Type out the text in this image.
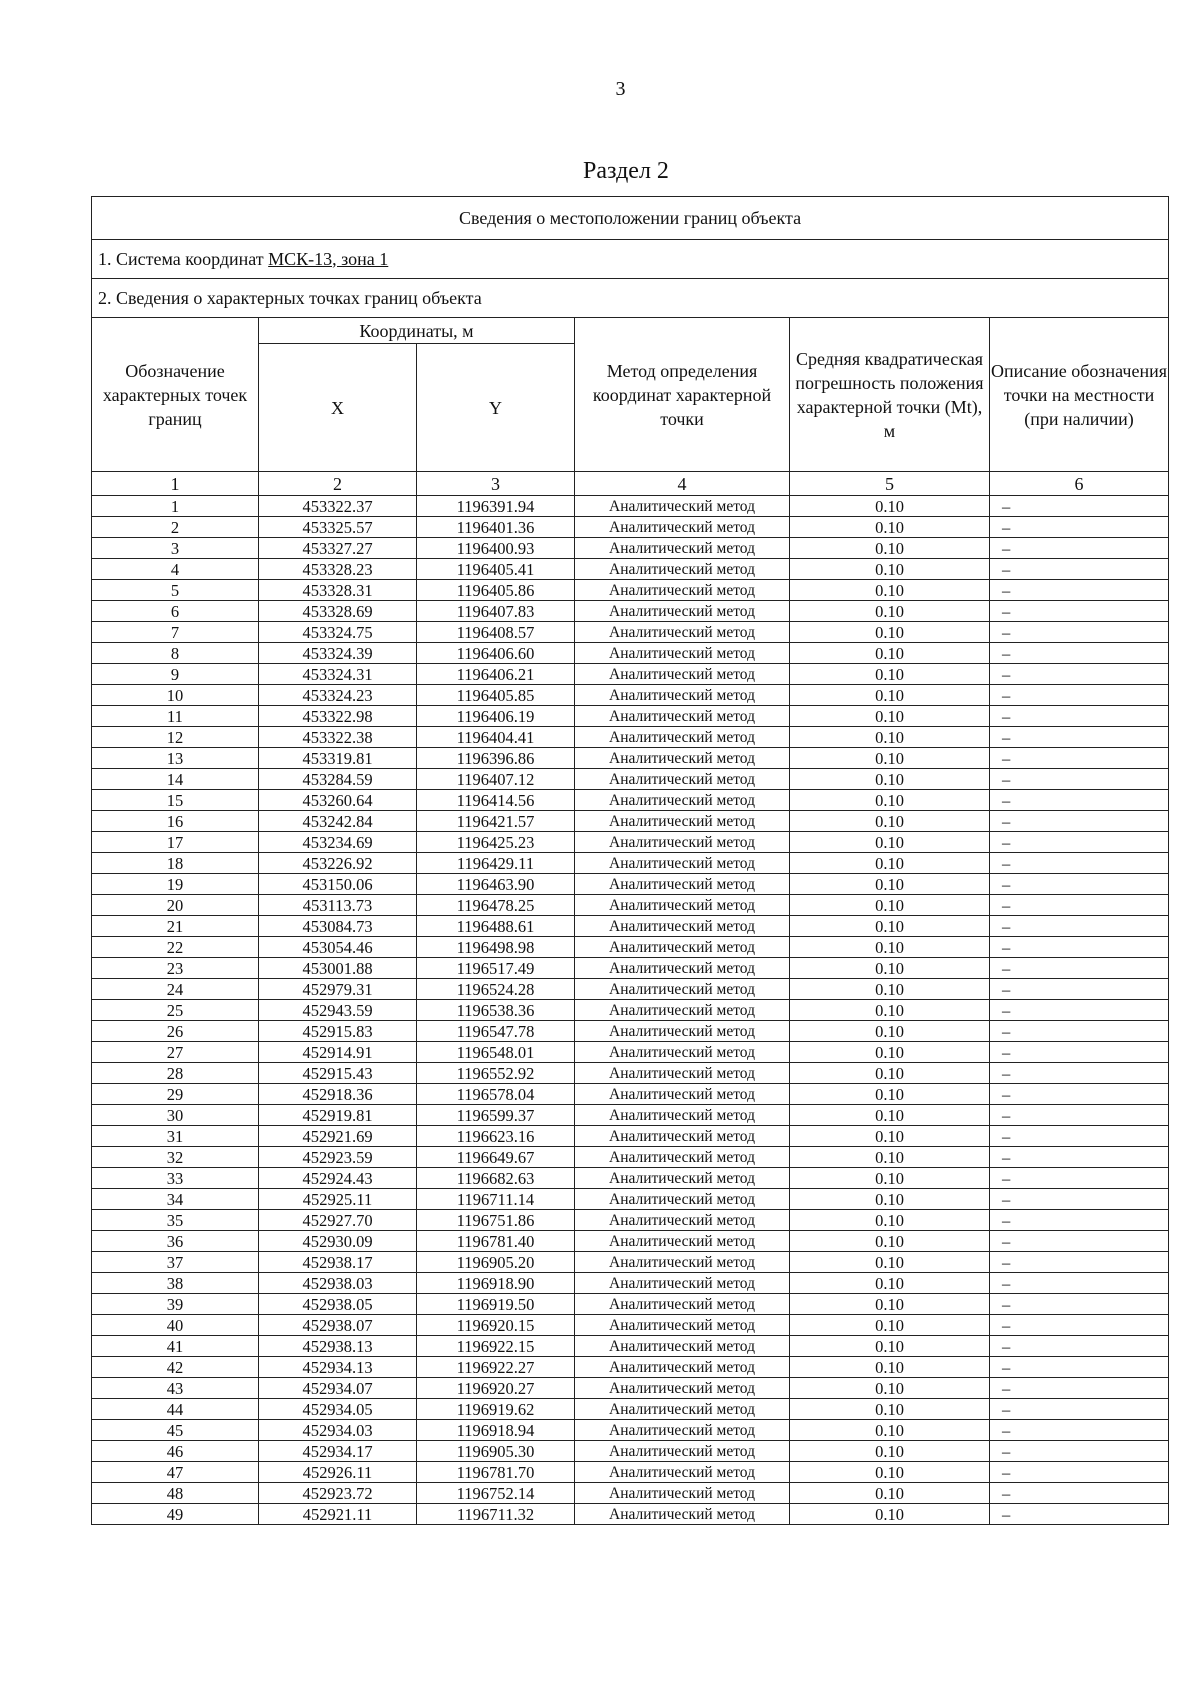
3
Раздел 2
Сведения о местоположении границ объекта					
1. Система координат МСК-13, зона 1					
2. Сведения о характерных точках границ объекта					
Обозначение характерных точек границ	Координаты, м		Метод определения координат характерной точки	Средняя квадратическая погрешность положения характерной точки (Mt), м	Описание обозначения точки на местности (при наличии)
	X	Y			
1	2	3	4	5	6
1	453322.37	1196391.94	Аналитический метод	0.10	–
2	453325.57	1196401.36	Аналитический метод	0.10	–
3	453327.27	1196400.93	Аналитический метод	0.10	–
4	453328.23	1196405.41	Аналитический метод	0.10	–
5	453328.31	1196405.86	Аналитический метод	0.10	–
6	453328.69	1196407.83	Аналитический метод	0.10	–
7	453324.75	1196408.57	Аналитический метод	0.10	–
8	453324.39	1196406.60	Аналитический метод	0.10	–
9	453324.31	1196406.21	Аналитический метод	0.10	–
10	453324.23	1196405.85	Аналитический метод	0.10	–
11	453322.98	1196406.19	Аналитический метод	0.10	–
12	453322.38	1196404.41	Аналитический метод	0.10	–
13	453319.81	1196396.86	Аналитический метод	0.10	–
14	453284.59	1196407.12	Аналитический метод	0.10	–
15	453260.64	1196414.56	Аналитический метод	0.10	–
16	453242.84	1196421.57	Аналитический метод	0.10	–
17	453234.69	1196425.23	Аналитический метод	0.10	–
18	453226.92	1196429.11	Аналитический метод	0.10	–
19	453150.06	1196463.90	Аналитический метод	0.10	–
20	453113.73	1196478.25	Аналитический метод	0.10	–
21	453084.73	1196488.61	Аналитический метод	0.10	–
22	453054.46	1196498.98	Аналитический метод	0.10	–
23	453001.88	1196517.49	Аналитический метод	0.10	–
24	452979.31	1196524.28	Аналитический метод	0.10	–
25	452943.59	1196538.36	Аналитический метод	0.10	–
26	452915.83	1196547.78	Аналитический метод	0.10	–
27	452914.91	1196548.01	Аналитический метод	0.10	–
28	452915.43	1196552.92	Аналитический метод	0.10	–
29	452918.36	1196578.04	Аналитический метод	0.10	–
30	452919.81	1196599.37	Аналитический метод	0.10	–
31	452921.69	1196623.16	Аналитический метод	0.10	–
32	452923.59	1196649.67	Аналитический метод	0.10	–
33	452924.43	1196682.63	Аналитический метод	0.10	–
34	452925.11	1196711.14	Аналитический метод	0.10	–
35	452927.70	1196751.86	Аналитический метод	0.10	–
36	452930.09	1196781.40	Аналитический метод	0.10	–
37	452938.17	1196905.20	Аналитический метод	0.10	–
38	452938.03	1196918.90	Аналитический метод	0.10	–
39	452938.05	1196919.50	Аналитический метод	0.10	–
40	452938.07	1196920.15	Аналитический метод	0.10	–
41	452938.13	1196922.15	Аналитический метод	0.10	–
42	452934.13	1196922.27	Аналитический метод	0.10	–
43	452934.07	1196920.27	Аналитический метод	0.10	–
44	452934.05	1196919.62	Аналитический метод	0.10	–
45	452934.03	1196918.94	Аналитический метод	0.10	–
46	452934.17	1196905.30	Аналитический метод	0.10	–
47	452926.11	1196781.70	Аналитический метод	0.10	–
48	452923.72	1196752.14	Аналитический метод	0.10	–
49	452921.11	1196711.32	Аналитический метод	0.10	–
